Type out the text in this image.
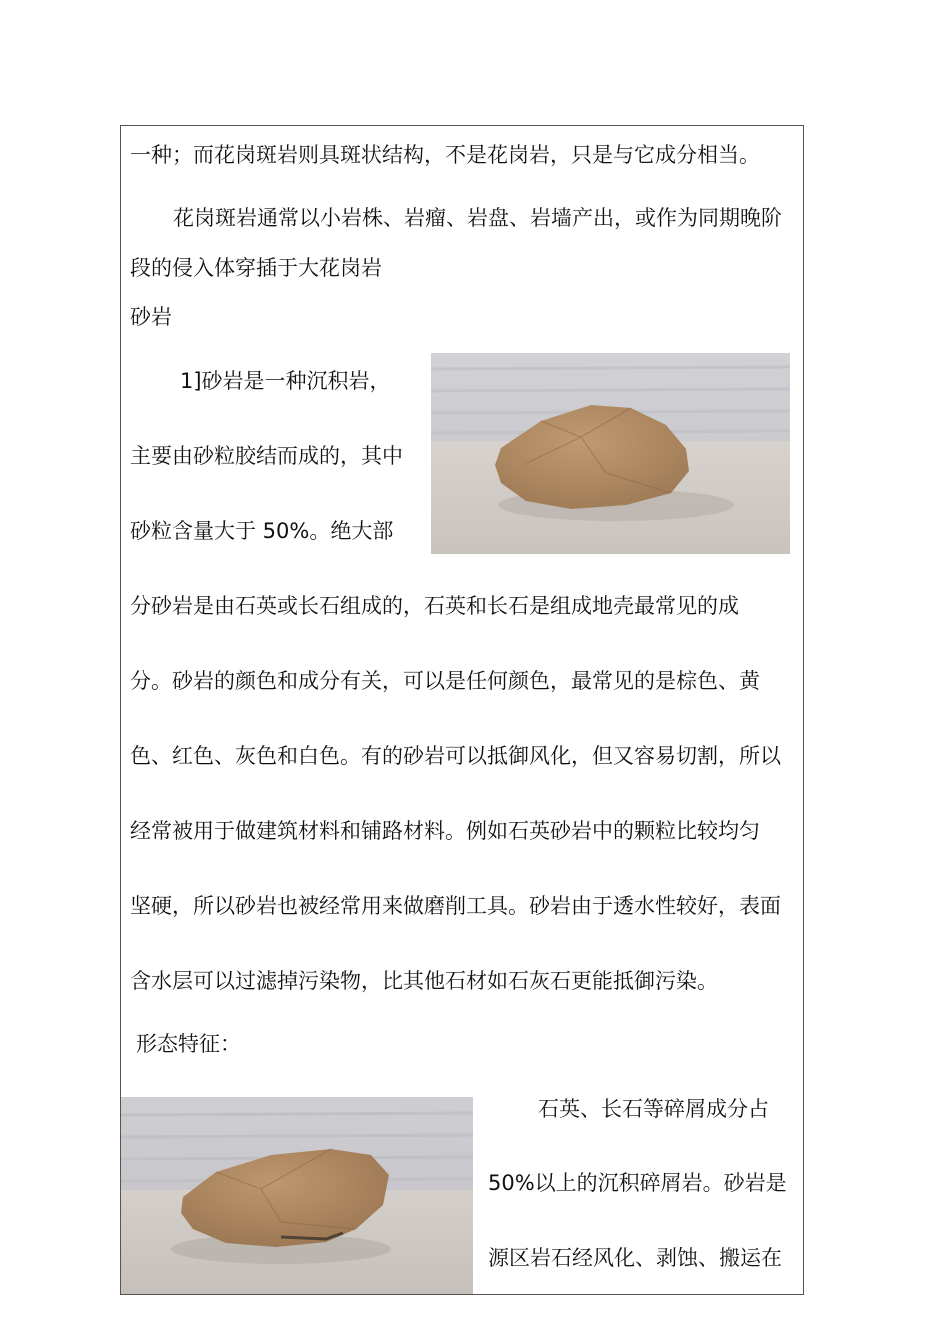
一种；而花岗斑岩则具斑状结构，不是花岗岩，只是与它成分相当。
花岗斑岩通常以小岩株、岩瘤、岩盘、岩墙产出，或作为同期晚阶
段的侵入体穿插于大花岗岩
砂岩
1]砂岩是一种沉积岩，
主要由砂粒胶结而成的，其中
砂粒含量大于 50%。绝大部
分砂岩是由石英或长石组成的，石英和长石是组成地壳最常见的成
分。砂岩的颜色和成分有关，可以是任何颜色，最常见的是棕色、黄
色、红色、灰色和白色。有的砂岩可以抵御风化，但又容易切割，所以
经常被用于做建筑材料和铺路材料。例如石英砂岩中的颗粒比较均匀
坚硬，所以砂岩也被经常用来做磨削工具。砂岩由于透水性较好，表面
含水层可以过滤掉污染物，比其他石材如石灰石更能抵御污染。
形态特征：
石英、长石等碎屑成分占
50%以上的沉积碎屑岩。砂岩是
源区岩石经风化、剥蚀、搬运在
